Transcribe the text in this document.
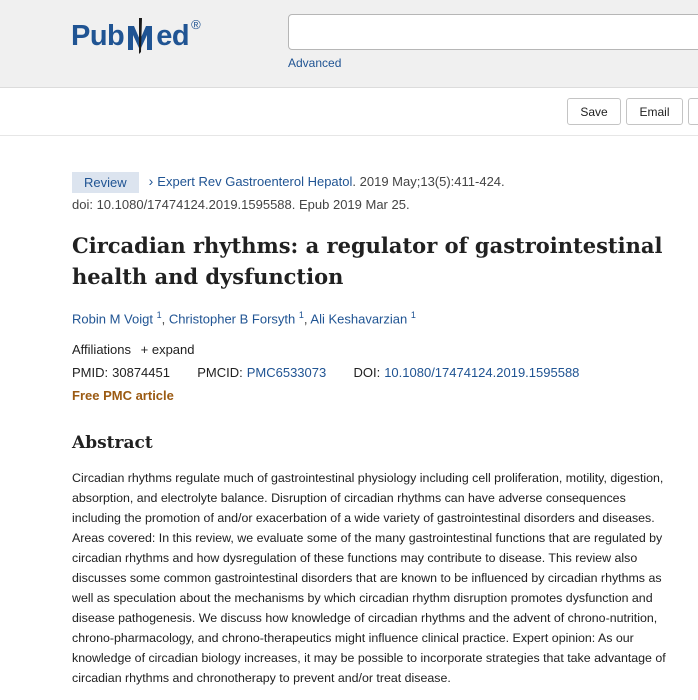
Pub ed ®
Advanced
Save	Email
Review › Expert Rev Gastroenterol Hepatol. 2019 May;13(5):411-424.
doi: 10.1080/17474124.2019.1595588. Epub 2019 Mar 25.
Circadian rhythms: a regulator of gastrointestinal health and dysfunction
Robin M Voigt $^1$, Christopher B Forsyth $^1$, Ali Keshavarzian $^1$
Affiliations + expand
PMID: 30874451 PMCID: PMC6533073 DOI: 10.1080/17474124.2019.1595588
Free PMC article
Abstract
Circadian rhythms regulate much of gastrointestinal physiology including cell proliferation, motility, digestion, absorption, and electrolyte balance. Disruption of circadian rhythms can have adverse consequences including the promotion of and/or exacerbation of a wide variety of gastrointestinal disorders and diseases. Areas covered: In this review, we evaluate some of the many gastrointestinal functions that are regulated by circadian rhythms and how dysregulation of these functions may contribute to disease. This review also discusses some common gastrointestinal disorders that are known to be influenced by circadian rhythms as well as speculation about the mechanisms by which circadian rhythm disruption promotes dysfunction and disease pathogenesis. We discuss how knowledge of circadian rhythms and the advent of chrono-nutrition, chrono-pharmacology, and chrono-therapeutics might influence clinical practice. Expert opinion: As our knowledge of circadian biology increases, it may be possible to incorporate strategies that take advantage of circadian rhythms and chronotherapy to prevent and/or treat disease.
